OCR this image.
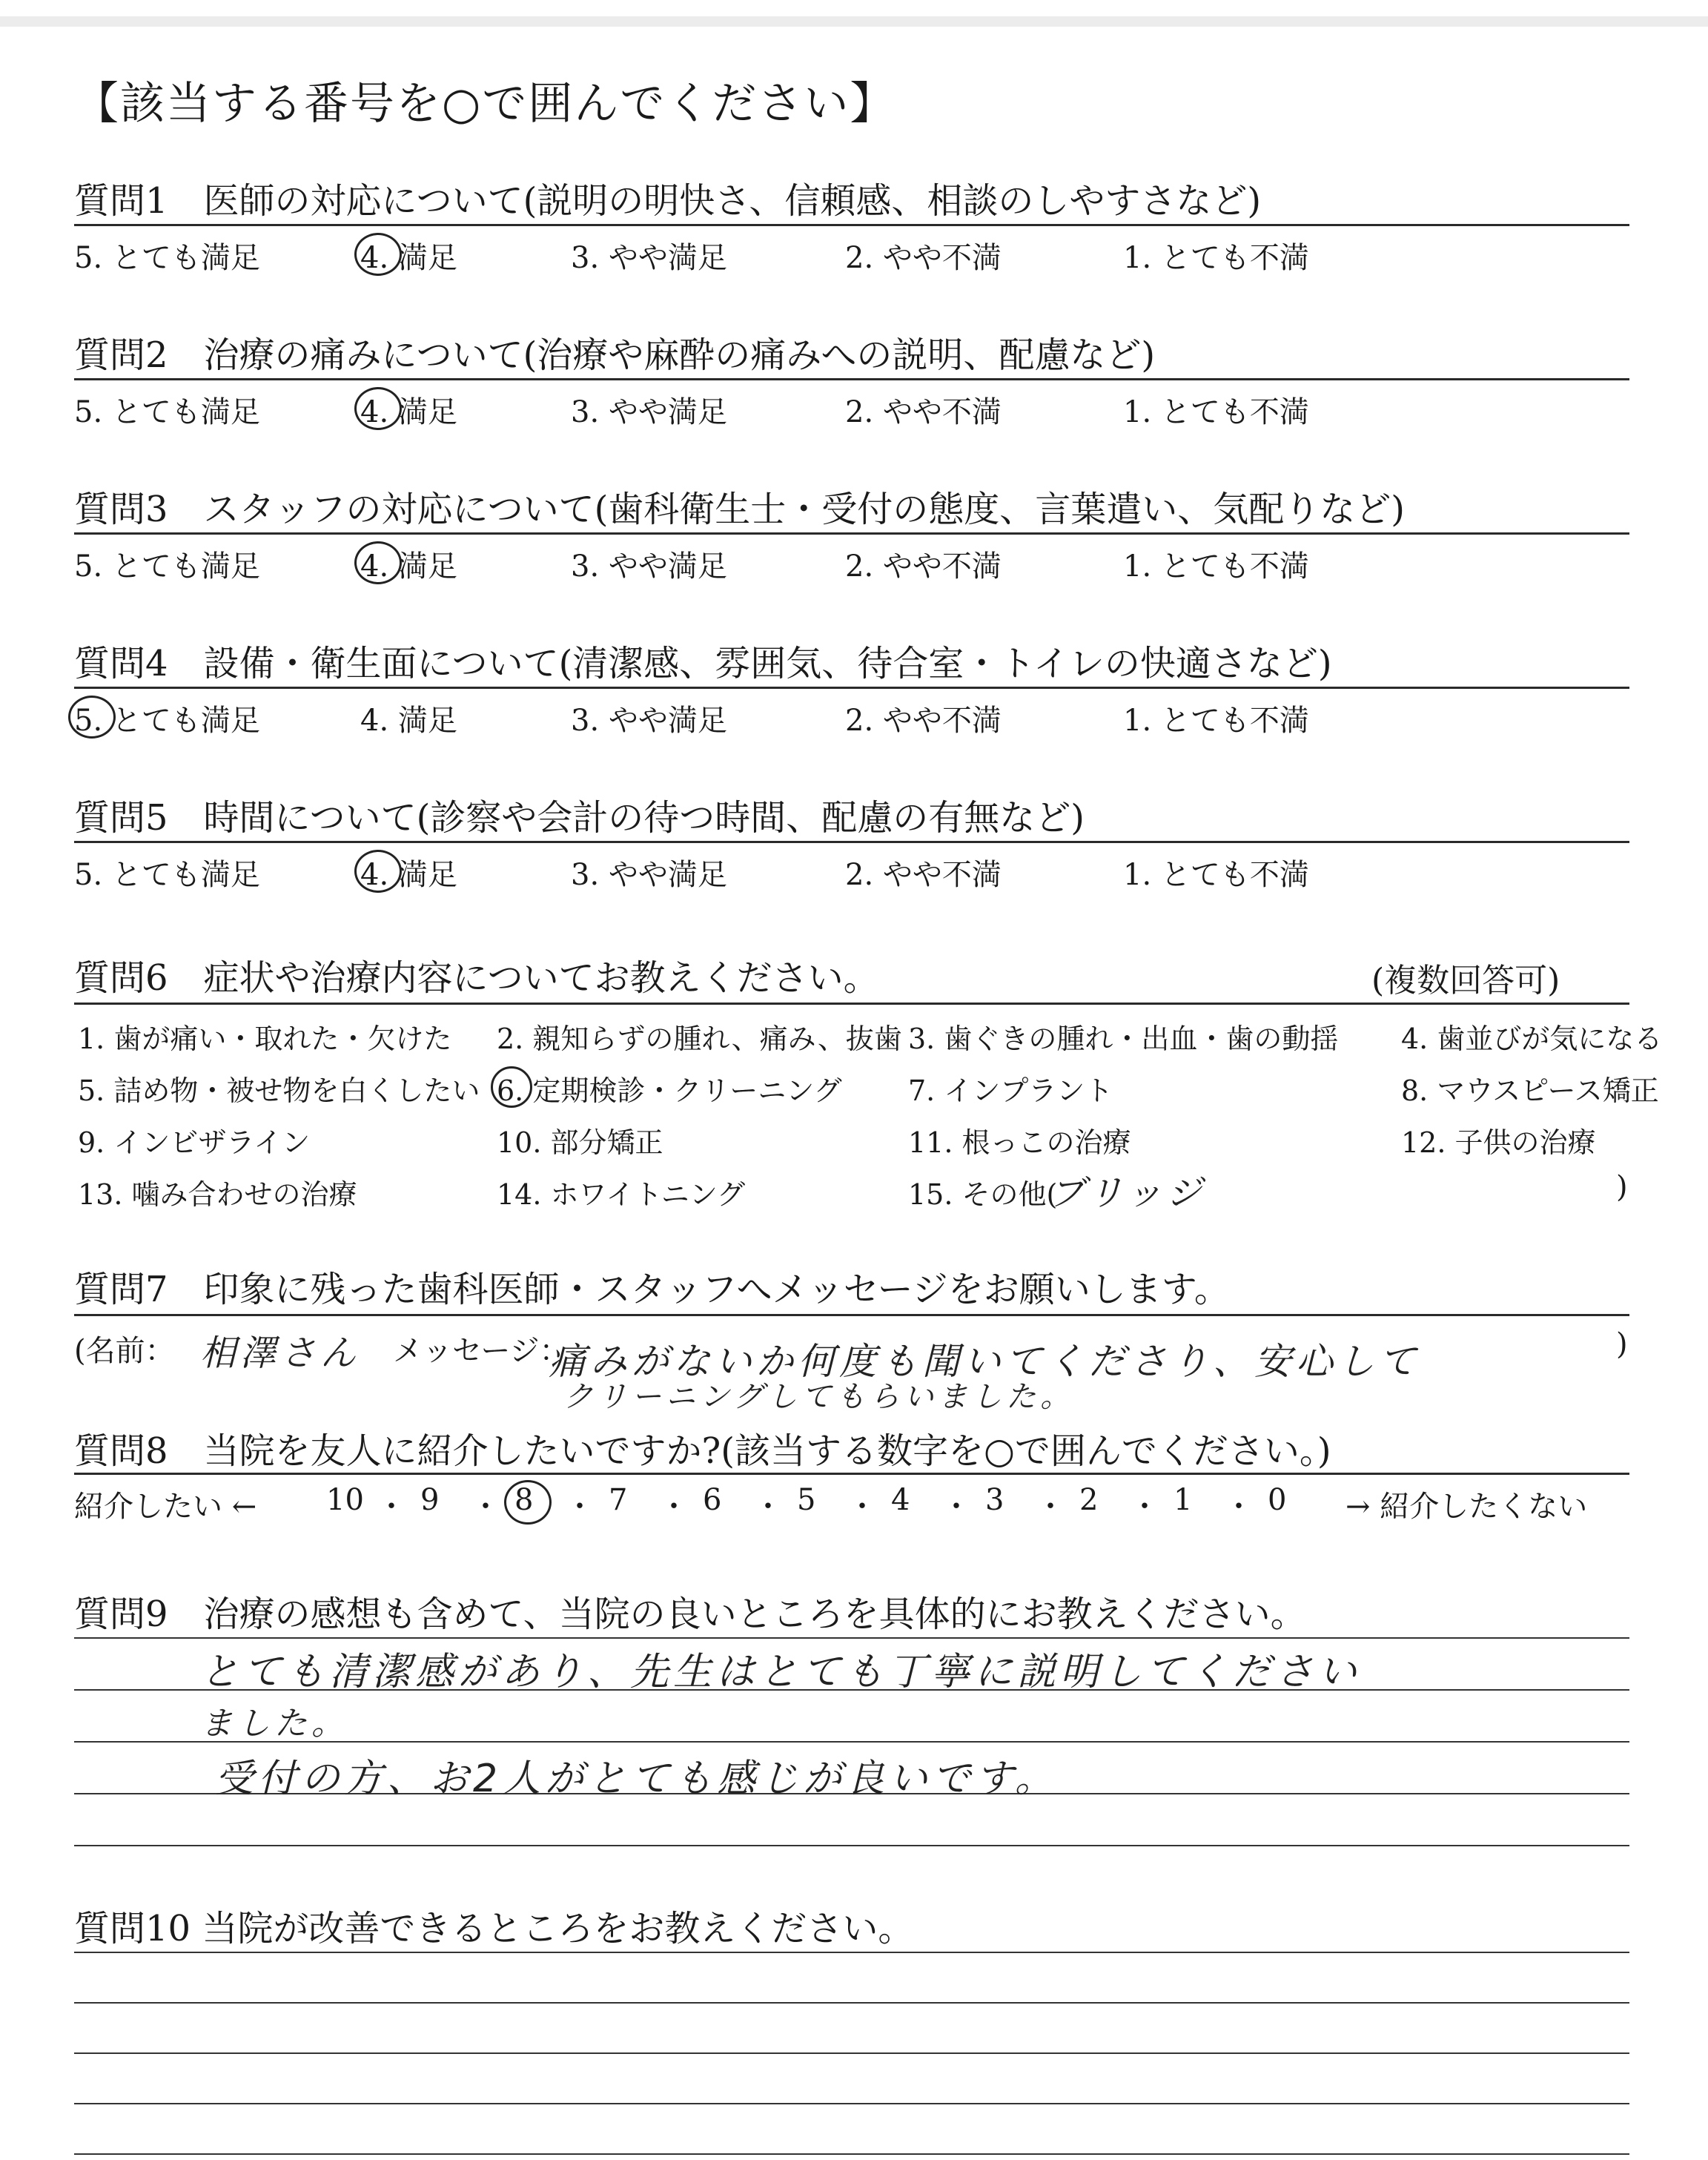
【該当する番号を○で囲んでください】
質問1　医師の対応について(説明の明快さ、信頼感、相談のしやすさなど)
5. とても満足	4. 満足	3. やや満足	2. やや不満	1. とても不満
質問2　治療の痛みについて(治療や麻酔の痛みへの説明、配慮など)
5. とても満足	4. 満足	3. やや満足	2. やや不満	1. とても不満
質問3　スタッフの対応について(歯科衛生士・受付の態度、言葉遣い、気配りなど)
5. とても満足	4. 満足	3. やや満足	2. やや不満	1. とても不満
質問4　設備・衛生面について(清潔感、雰囲気、待合室・トイレの快適さなど)
5. とても満足	4. 満足	3. やや満足	2. やや不満	1. とても不満
質問5　時間について(診察や会計の待つ時間、配慮の有無など)
5. とても満足	4. 満足	3. やや満足	2. やや不満	1. とても不満
質問6　症状や治療内容についてお教えください。	(複数回答可)
1. 歯が痛い・取れた・欠けた 2. 親知らずの腫れ、痛み、抜歯 3. 歯ぐきの腫れ・出血・歯の動揺 4. 歯並びが気になる
5. 詰め物・被せ物を白くしたい 6. 定期検診・クリーニング 7. インプラント	8. マウスピース矯正
9. インビザライン	10. 部分矯正	11. 根っこの治療	12. 子供の治療
13. 噛み合わせの治療	14. ホワイトニング	15. その他(
ブリッジ	)
質問7　印象に残った歯科医師・スタッフへメッセージをお願いします。
(名前： 相澤さん メッセージ：
痛みがないか何度も聞いてくださり、安心して
クリーニングしてもらいました。
)
質問8　当院を友人に紹介したいですか?(該当する数字を○で囲んでください。)
紹介したい ← 10 ・ 9 ・ 8 ・ 7 ・ 6 ・ 5 ・ 4 ・ 3 ・ 2 ・ 1 ・ 0 → 紹介したくない
質問9　治療の感想も含めて、当院の良いところを具体的にお教えください。
とても清潔感があり、先生はとても丁寧に説明してください
ました。
受付の方、お2人がとても感じが良いです。
質問10 当院が改善できるところをお教えください。
